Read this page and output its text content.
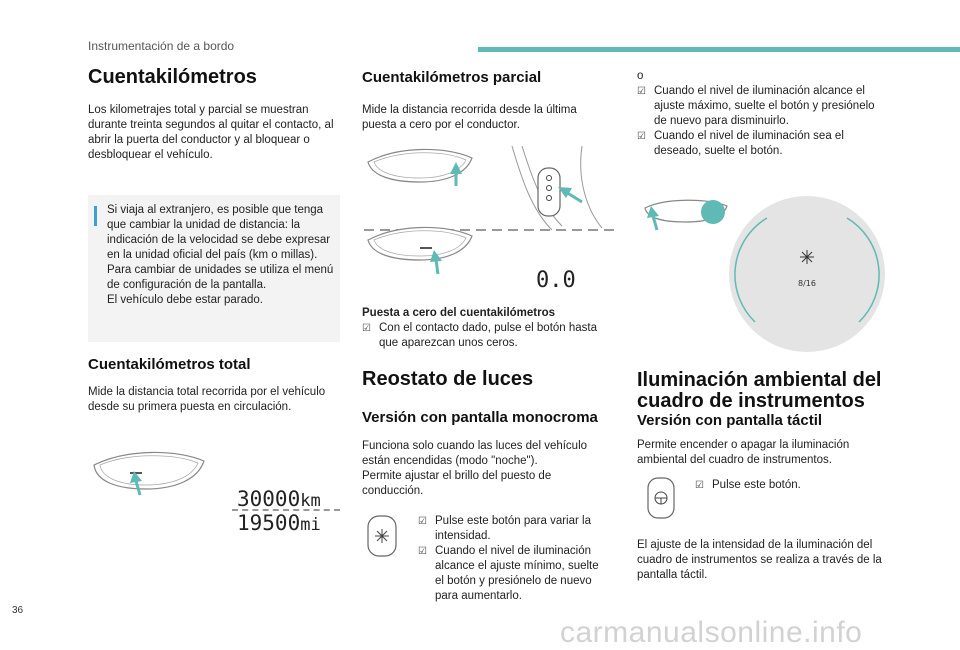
Instrumentación de a bordo
Cuentakilómetros
Los kilometrajes total y parcial se muestran durante treinta segundos al quitar el contacto, al abrir la puerta del conductor y al bloquear o desbloquear el vehículo.
Si viaja al extranjero, es posible que tenga que cambiar la unidad de distancia: la indicación de la velocidad se debe expresar en la unidad oficial del país (km o millas).
Para cambiar de unidades se utiliza el menú de configuración de la pantalla.
El vehículo debe estar parado.
Cuentakilómetros total
Mide la distancia total recorrida por el vehículo desde su primera puesta en circulación.
30000km
19500mi
Cuentakilómetros parcial
Mide la distancia recorrida desde la última puesta a cero por el conductor.
0.0
Puesta a cero del cuentakilómetros
☑ Con el contacto dado, pulse el botón hasta que aparezcan unos ceros.
Reostato de luces
Versión con pantalla monocroma
Funciona solo cuando las luces del vehículo están encendidas (modo "noche").
Permite ajustar el brillo del puesto de conducción.
☑ Pulse este botón para variar la intensidad.
☑ Cuando el nivel de iluminación alcance el ajuste mínimo, suelte el botón y presiónelo de nuevo para aumentarlo.
o
☑ Cuando el nivel de iluminación alcance el ajuste máximo, suelte el botón y presiónelo de nuevo para disminuirlo.
☑ Cuando el nivel de iluminación sea el deseado, suelte el botón.
8/16
Iluminación ambiental del cuadro de instrumentos
Versión con pantalla táctil
Permite encender o apagar la iluminación ambiental del cuadro de instrumentos.
☑ Pulse este botón.
El ajuste de la intensidad de la iluminación del cuadro de instrumentos se realiza a través de la pantalla táctil.
36
carmanualsonline.info
